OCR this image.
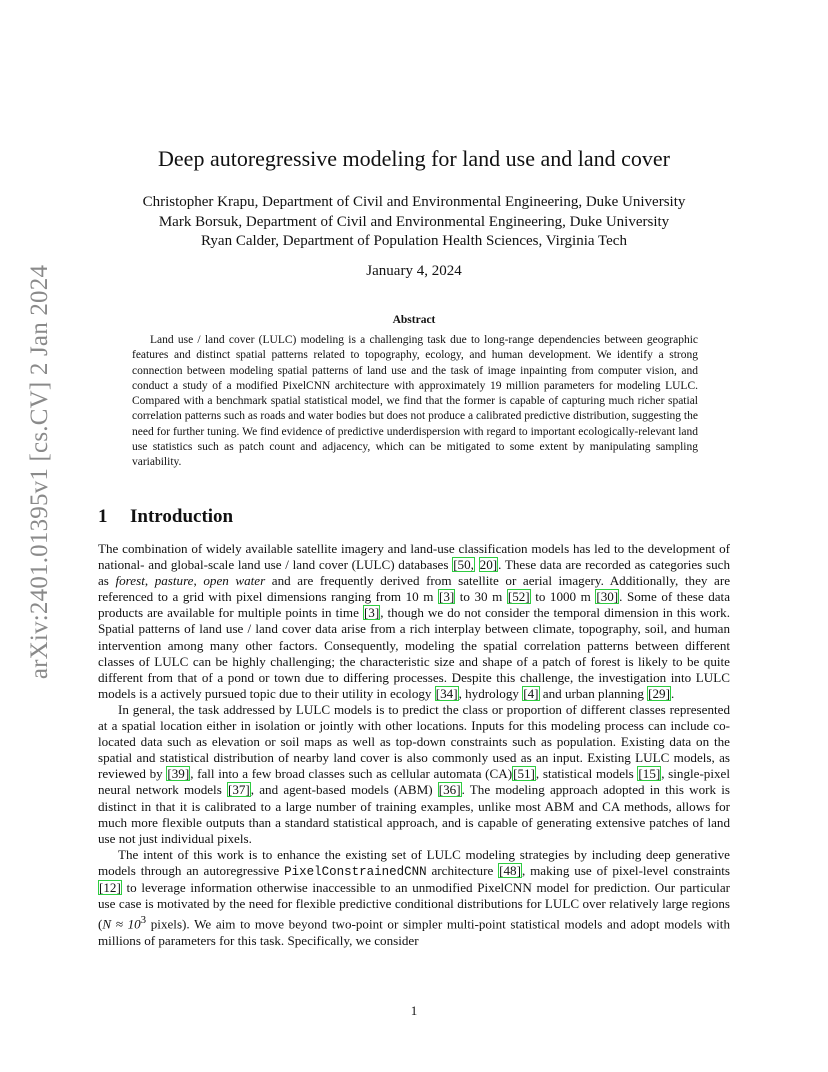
arXiv:2401.01395v1 [cs.CV] 2 Jan 2024
Deep autoregressive modeling for land use and land cover
Christopher Krapu, Department of Civil and Environmental Engineering, Duke University
Mark Borsuk, Department of Civil and Environmental Engineering, Duke University
Ryan Calder, Department of Population Health Sciences, Virginia Tech
January 4, 2024
Abstract

Land use / land cover (LULC) modeling is a challenging task due to long-range dependencies between geographic features and distinct spatial patterns related to topography, ecology, and human development. We identify a strong connection between modeling spatial patterns of land use and the task of image inpainting from computer vision, and conduct a study of a modified PixelCNN architecture with approximately 19 million parameters for modeling LULC. Compared with a benchmark spatial statistical model, we find that the former is capable of capturing much richer spatial correlation patterns such as roads and water bodies but does not produce a calibrated predictive distribution, suggesting the need for further tuning. We find evidence of predictive underdispersion with regard to important ecologically-relevant land use statistics such as patch count and adjacency, which can be mitigated to some extent by manipulating sampling variability.

1 Introduction

The combination of widely available satellite imagery and land-use classification models has led to the development of national- and global-scale land use / land cover (LULC) databases [50, 20]. These data are recorded as categories such as forest, pasture, open water and are frequently derived from satellite or aerial imagery. Additionally, they are referenced to a grid with pixel dimensions ranging from 10 m [3] to 30 m [52] to 1000 m [30]. Some of these data products are available for multiple points in time [3], though we do not consider the temporal dimension in this work. Spatial patterns of land use / land cover data arise from a rich interplay between climate, topography, soil, and human intervention among many other factors. Consequently, modeling the spatial correlation patterns between different classes of LULC can be highly challenging; the characteristic size and shape of a patch of forest is likely to be quite different from that of a pond or town due to differing processes. Despite this challenge, the investigation into LULC models is a actively pursued topic due to their utility in ecology [34], hydrology [4] and urban planning [29].

In general, the task addressed by LULC models is to predict the class or proportion of different classes represented at a spatial location either in isolation or jointly with other locations. Inputs for this modeling process can include co-located data such as elevation or soil maps as well as top-down constraints such as population. Existing data on the spatial and statistical distribution of nearby land cover is also commonly used as an input. Existing LULC models, as reviewed by [39], fall into a few broad classes such as cellular automata (CA)[51], statistical models [15], single-pixel neural network models [37], and agent-based models (ABM) [36]. The modeling approach adopted in this work is distinct in that it is calibrated to a large number of training examples, unlike most ABM and CA methods, allows for much more flexible outputs than a standard statistical approach, and is capable of generating extensive patches of land use not just individual pixels.

The intent of this work is to enhance the existing set of LULC modeling strategies by including deep generative models through an autoregressive PixelConstrainedCNN architecture [48], making use of pixel-level constraints [12] to leverage information otherwise inaccessible to an unmodified PixelCNN model for prediction. Our particular use case is motivated by the need for flexible predictive conditional distributions for LULC over relatively large regions ($N \approx 10^3$ pixels). We aim to move beyond two-point or simpler multi-point statistical models and adopt models with millions of parameters for this task. Specifically, we consider

1
